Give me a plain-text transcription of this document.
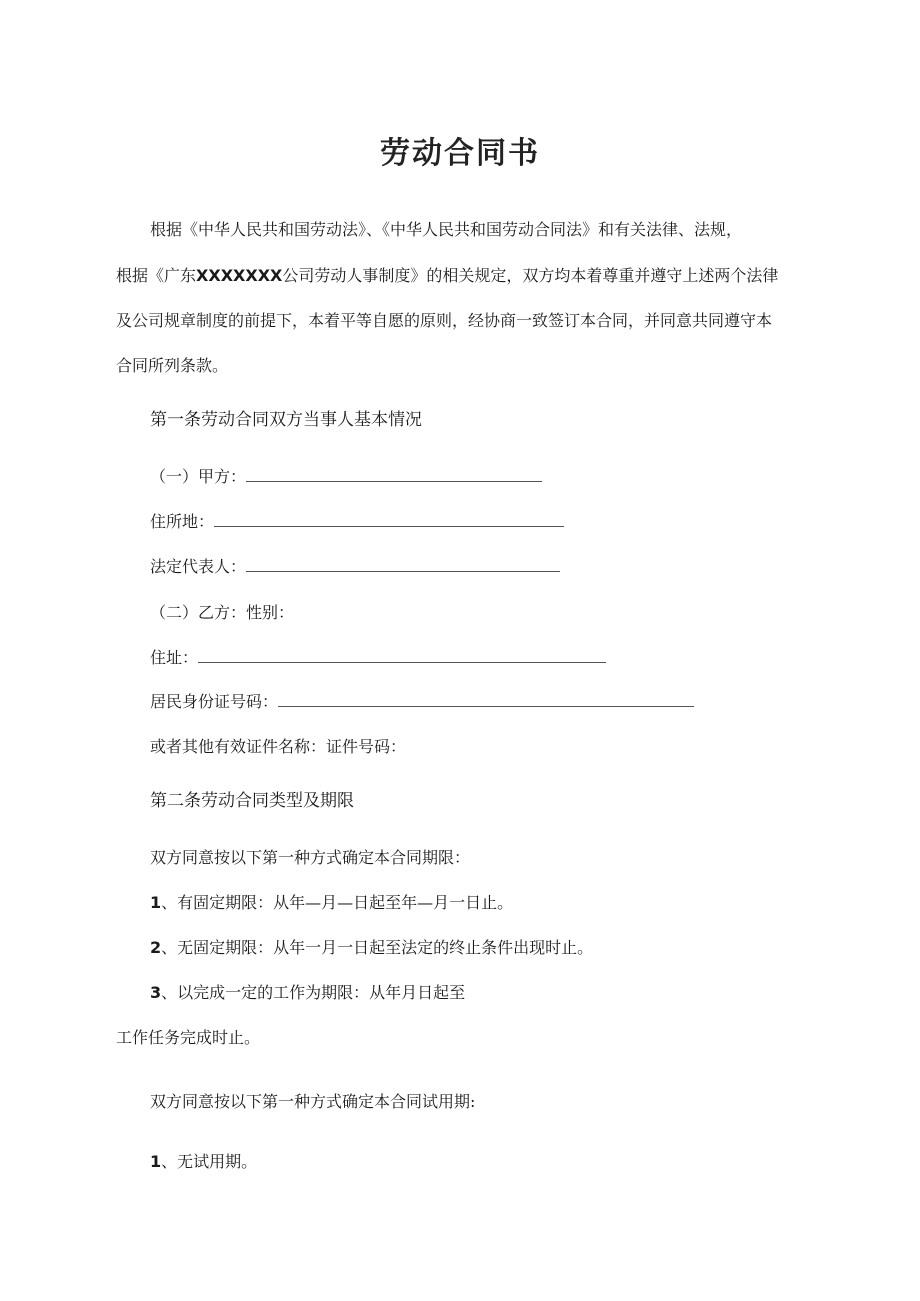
劳动合同书
根据《中华人民共和国劳动法》、《中华人民共和国劳动合同法》和有关法律、法规，
根据《广东XXXXXXX公司劳动人事制度》的相关规定，双方均本着尊重并遵守上述两个法律
及公司规章制度的前提下，本着平等自愿的原则，经协商一致签订本合同，并同意共同遵守本
合同所列条款。
第一条劳动合同双方当事人基本情况
（一）甲方：
住所地：
法定代表人：
（二）乙方：性别：
住址：
居民身份证号码：
或者其他有效证件名称：证件号码：
第二条劳动合同类型及期限
双方同意按以下第一种方式确定本合同期限：
1、有固定期限：从年—月—日起至年—月一日止。
2、无固定期限：从年一月一日起至法定的终止条件出现时止。
3、以完成一定的工作为期限：从年月日起至
工作任务完成时止。
双方同意按以下第一种方式确定本合同试用期:
1、无试用期。
